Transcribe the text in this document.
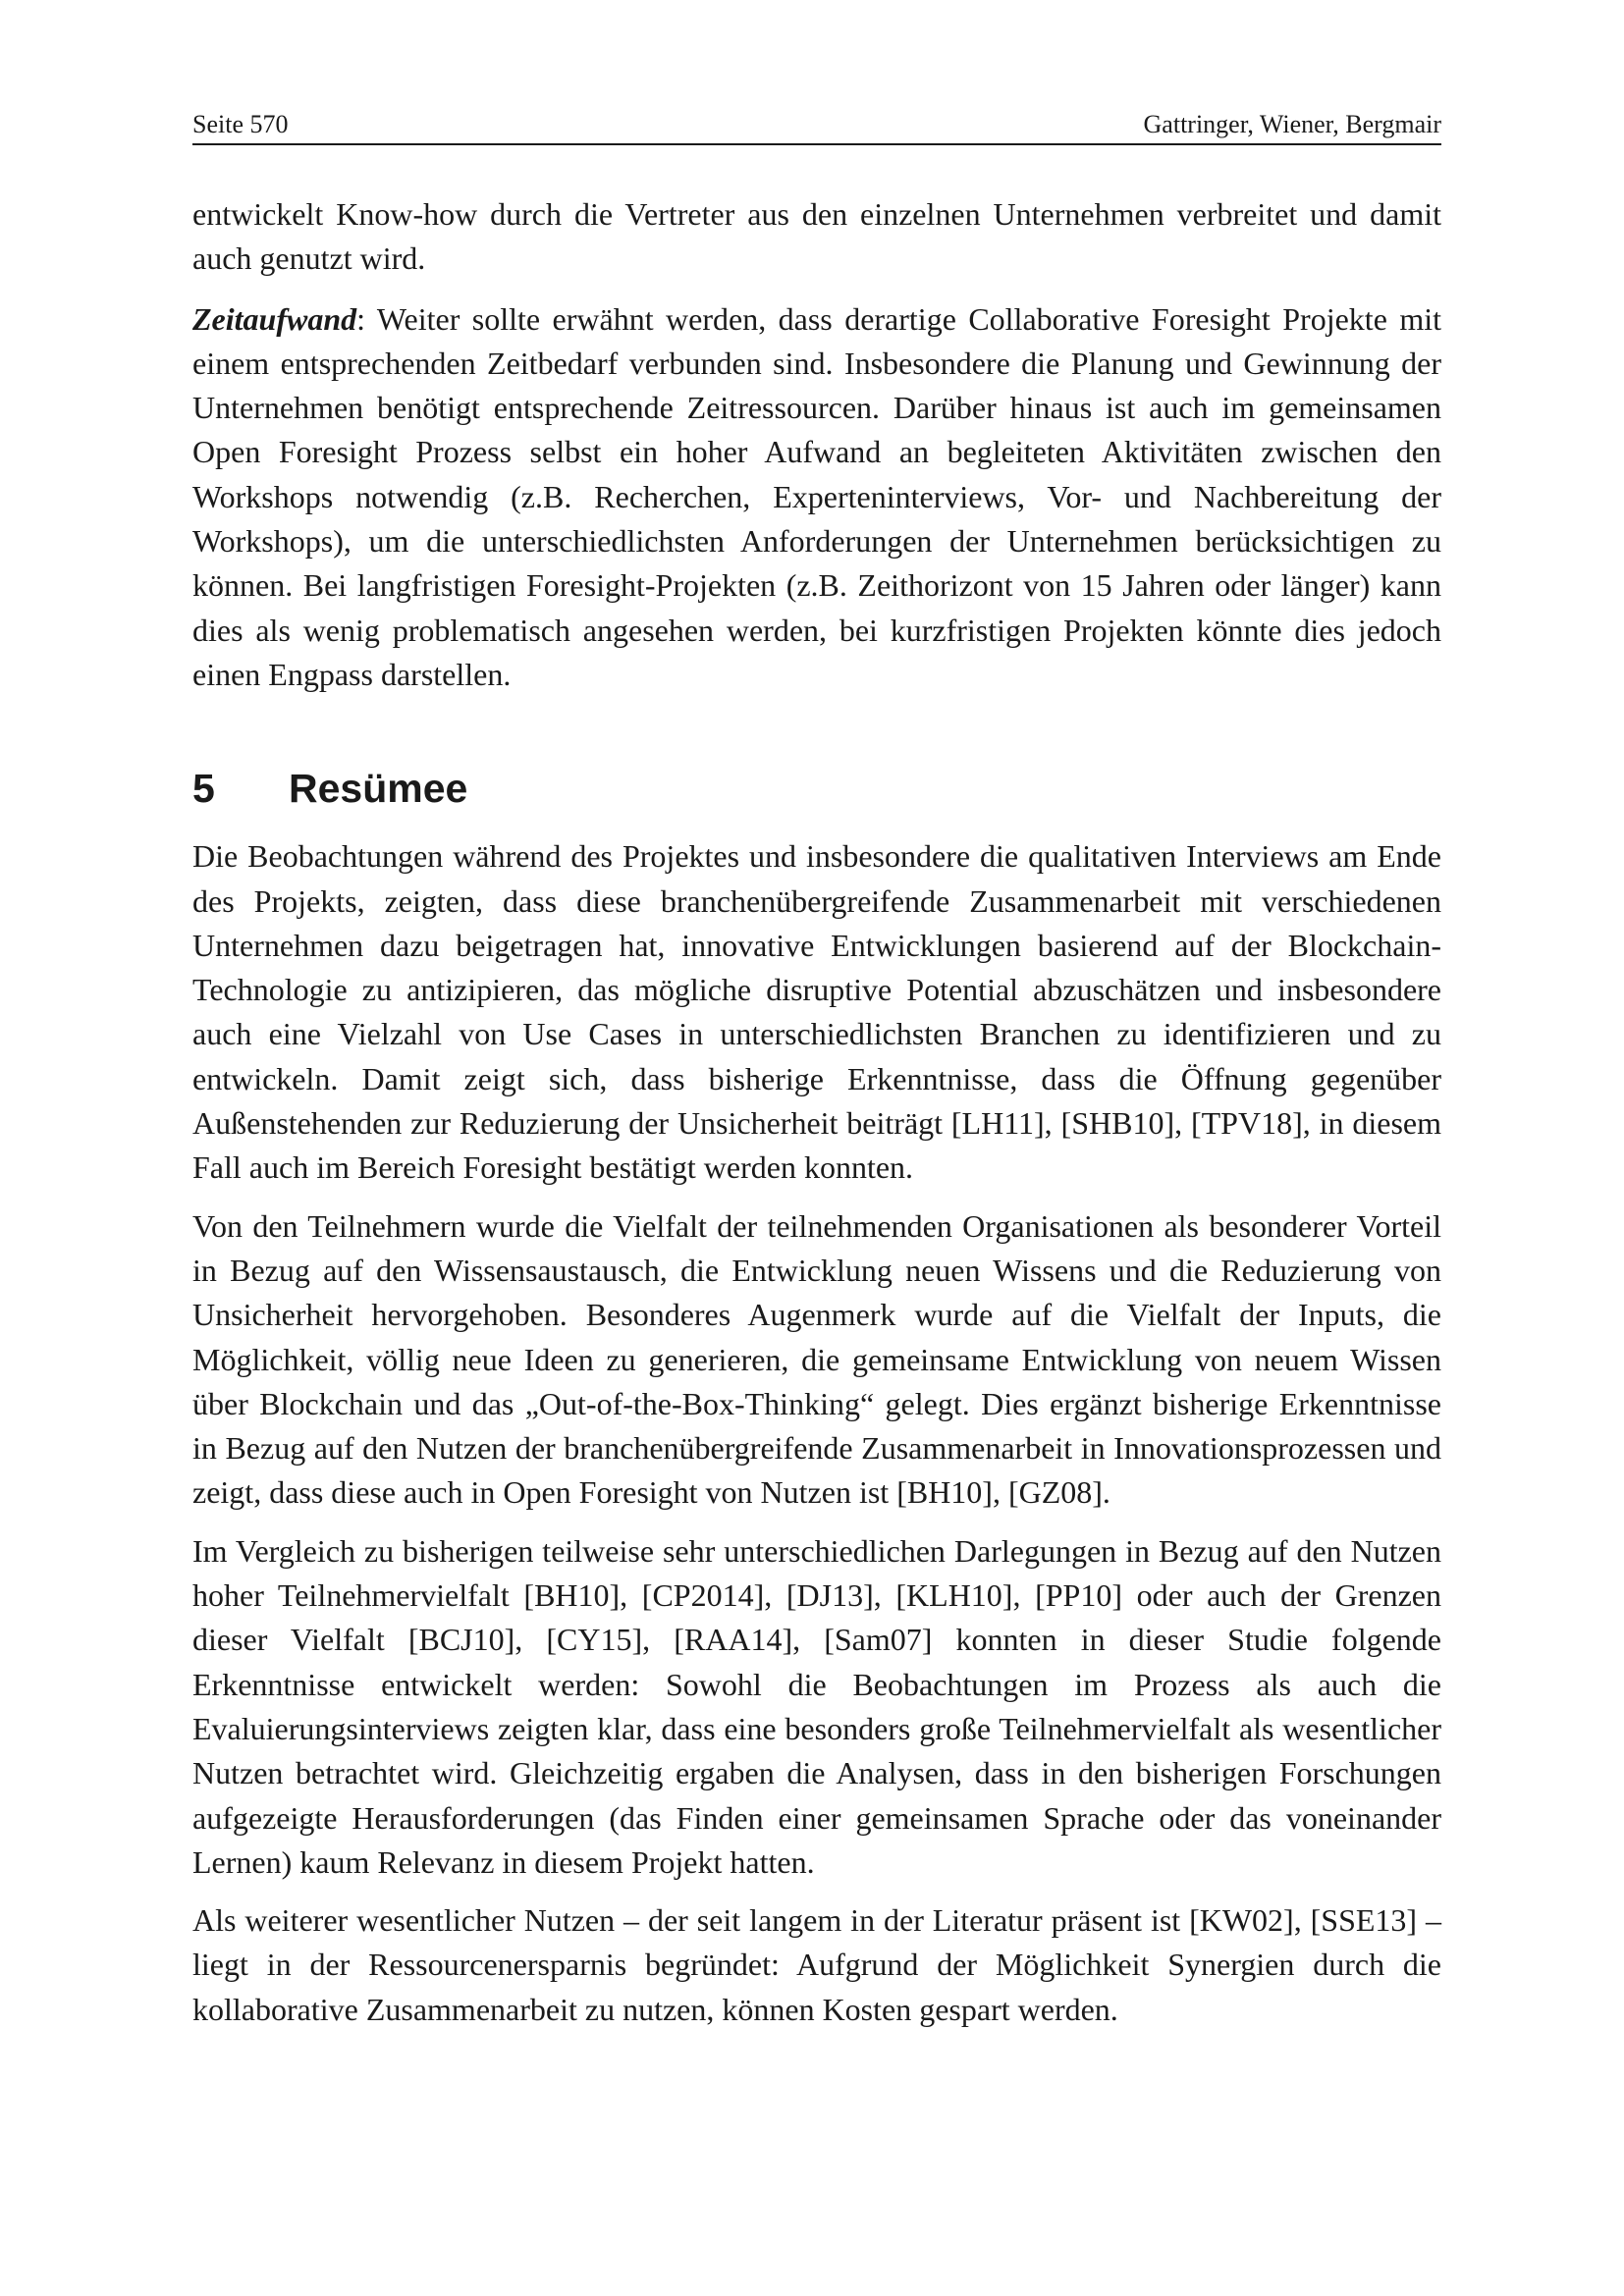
Seite 570	Gattringer, Wiener, Bergmair

entwickelt Know-how durch die Vertreter aus den einzelnen Unternehmen verbreitet und damit auch genutzt wird.

Zeitaufwand: Weiter sollte erwähnt werden, dass derartige Collaborative Foresight Projekte mit einem entsprechenden Zeitbedarf verbunden sind. Insbesondere die Planung und Gewinnung der Unternehmen benötigt entsprechende Zeitressourcen. Darüber hinaus ist auch im gemeinsamen Open Foresight Prozess selbst ein hoher Aufwand an begleiteten Aktivitäten zwischen den Workshops notwendig (z.B. Recherchen, Experteninterviews, Vor- und Nachbereitung der Workshops), um die unterschiedlichsten Anforderungen der Unternehmen berücksichtigen zu können. Bei langfristigen Foresight-Projekten (z.B. Zeithorizont von 15 Jahren oder länger) kann dies als wenig problematisch angesehen werden, bei kurzfristigen Projekten könnte dies jedoch einen Engpass darstellen.

5	Resümee

Die Beobachtungen während des Projektes und insbesondere die qualitativen Interviews am Ende des Projekts, zeigten, dass diese branchenübergreifende Zusammenarbeit mit verschiedenen Unternehmen dazu beigetragen hat, innovative Entwicklungen basierend auf der Blockchain-Technologie zu antizipieren, das mögliche disruptive Potential abzuschätzen und insbesondere auch eine Vielzahl von Use Cases in unterschiedlichsten Branchen zu identifizieren und zu entwickeln. Damit zeigt sich, dass bisherige Erkenntnisse, dass die Öffnung gegenüber Außenstehenden zur Reduzierung der Unsicherheit beiträgt [LH11], [SHB10], [TPV18], in diesem Fall auch im Bereich Foresight bestätigt werden konnten.

Von den Teilnehmern wurde die Vielfalt der teilnehmenden Organisationen als besonderer Vorteil in Bezug auf den Wissensaustausch, die Entwicklung neuen Wissens und die Reduzierung von Unsicherheit hervorgehoben. Besonderes Augenmerk wurde auf die Vielfalt der Inputs, die Möglichkeit, völlig neue Ideen zu generieren, die gemeinsame Entwicklung von neuem Wissen über Blockchain und das „Out-of-the-Box-Thinking“ gelegt. Dies ergänzt bisherige Erkenntnisse in Bezug auf den Nutzen der branchenübergreifende Zusammenarbeit in Innovationsprozessen und zeigt, dass diese auch in Open Foresight von Nutzen ist [BH10], [GZ08].

Im Vergleich zu bisherigen teilweise sehr unterschiedlichen Darlegungen in Bezug auf den Nutzen hoher Teilnehmervielfalt [BH10], [CP2014], [DJ13], [KLH10], [PP10] oder auch der Grenzen dieser Vielfalt [BCJ10], [CY15], [RAA14], [Sam07] konnten in dieser Studie folgende Erkenntnisse entwickelt werden: Sowohl die Beobachtungen im Prozess als auch die Evaluierungsinterviews zeigten klar, dass eine besonders große Teilnehmervielfalt als wesentlicher Nutzen betrachtet wird. Gleichzeitig ergaben die Analysen, dass in den bisherigen Forschungen aufgezeigte Herausforderungen (das Finden einer gemeinsamen Sprache oder das voneinander Lernen) kaum Relevanz in diesem Projekt hatten.

Als weiterer wesentlicher Nutzen – der seit langem in der Literatur präsent ist [KW02], [SSE13] – liegt in der Ressourcenersparnis begründet: Aufgrund der Möglichkeit Synergien durch die kollaborative Zusammenarbeit zu nutzen, können Kosten gespart werden.
